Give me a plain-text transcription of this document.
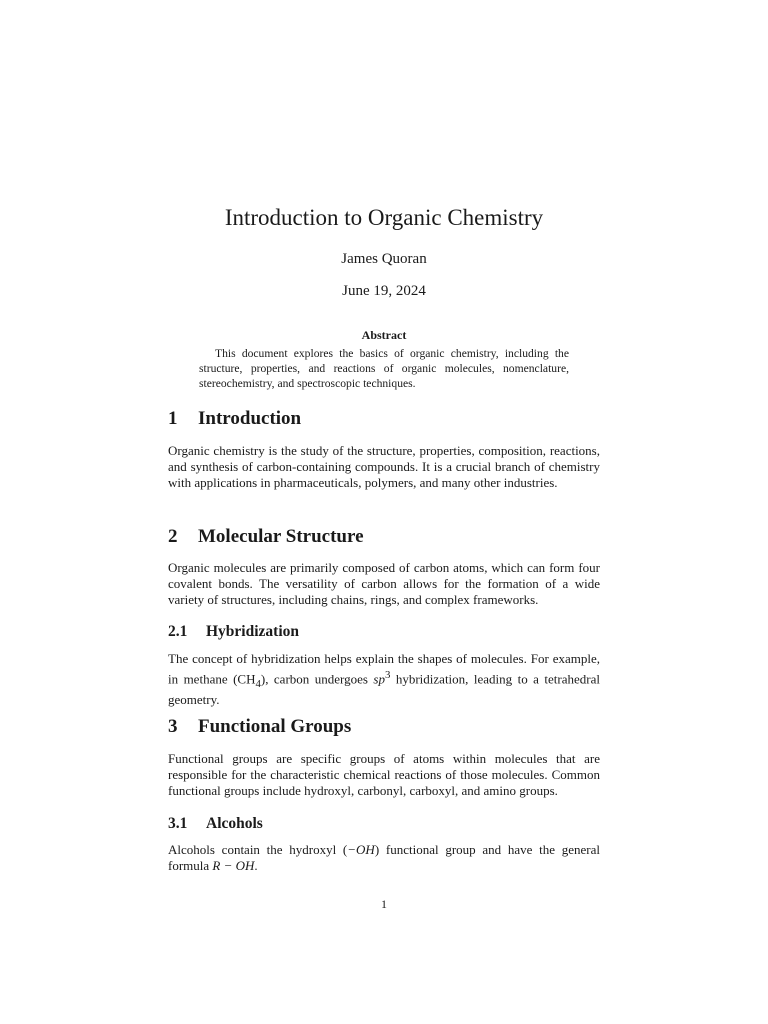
Introduction to Organic Chemistry
James Quoran
June 19, 2024
Abstract
This document explores the basics of organic chemistry, including the structure, properties, and reactions of organic molecules, nomenclature, stereochemistry, and spectroscopic techniques.
1 Introduction
Organic chemistry is the study of the structure, properties, composition, reactions, and synthesis of carbon-containing compounds. It is a crucial branch of chemistry with applications in pharmaceuticals, polymers, and many other industries.
2 Molecular Structure
Organic molecules are primarily composed of carbon atoms, which can form four covalent bonds. The versatility of carbon allows for the formation of a wide variety of structures, including chains, rings, and complex frameworks.
2.1 Hybridization
The concept of hybridization helps explain the shapes of molecules. For example, in methane $(CH_4)$, carbon undergoes $sp^3$ hybridization, leading to a tetrahedral geometry.
3 Functional Groups
Functional groups are specific groups of atoms within molecules that are responsible for the characteristic chemical reactions of those molecules. Common functional groups include hydroxyl, carbonyl, carboxyl, and amino groups.
3.1 Alcohols
Alcohols contain the hydroxyl (−OH) functional group and have the general formula R − OH.
1
